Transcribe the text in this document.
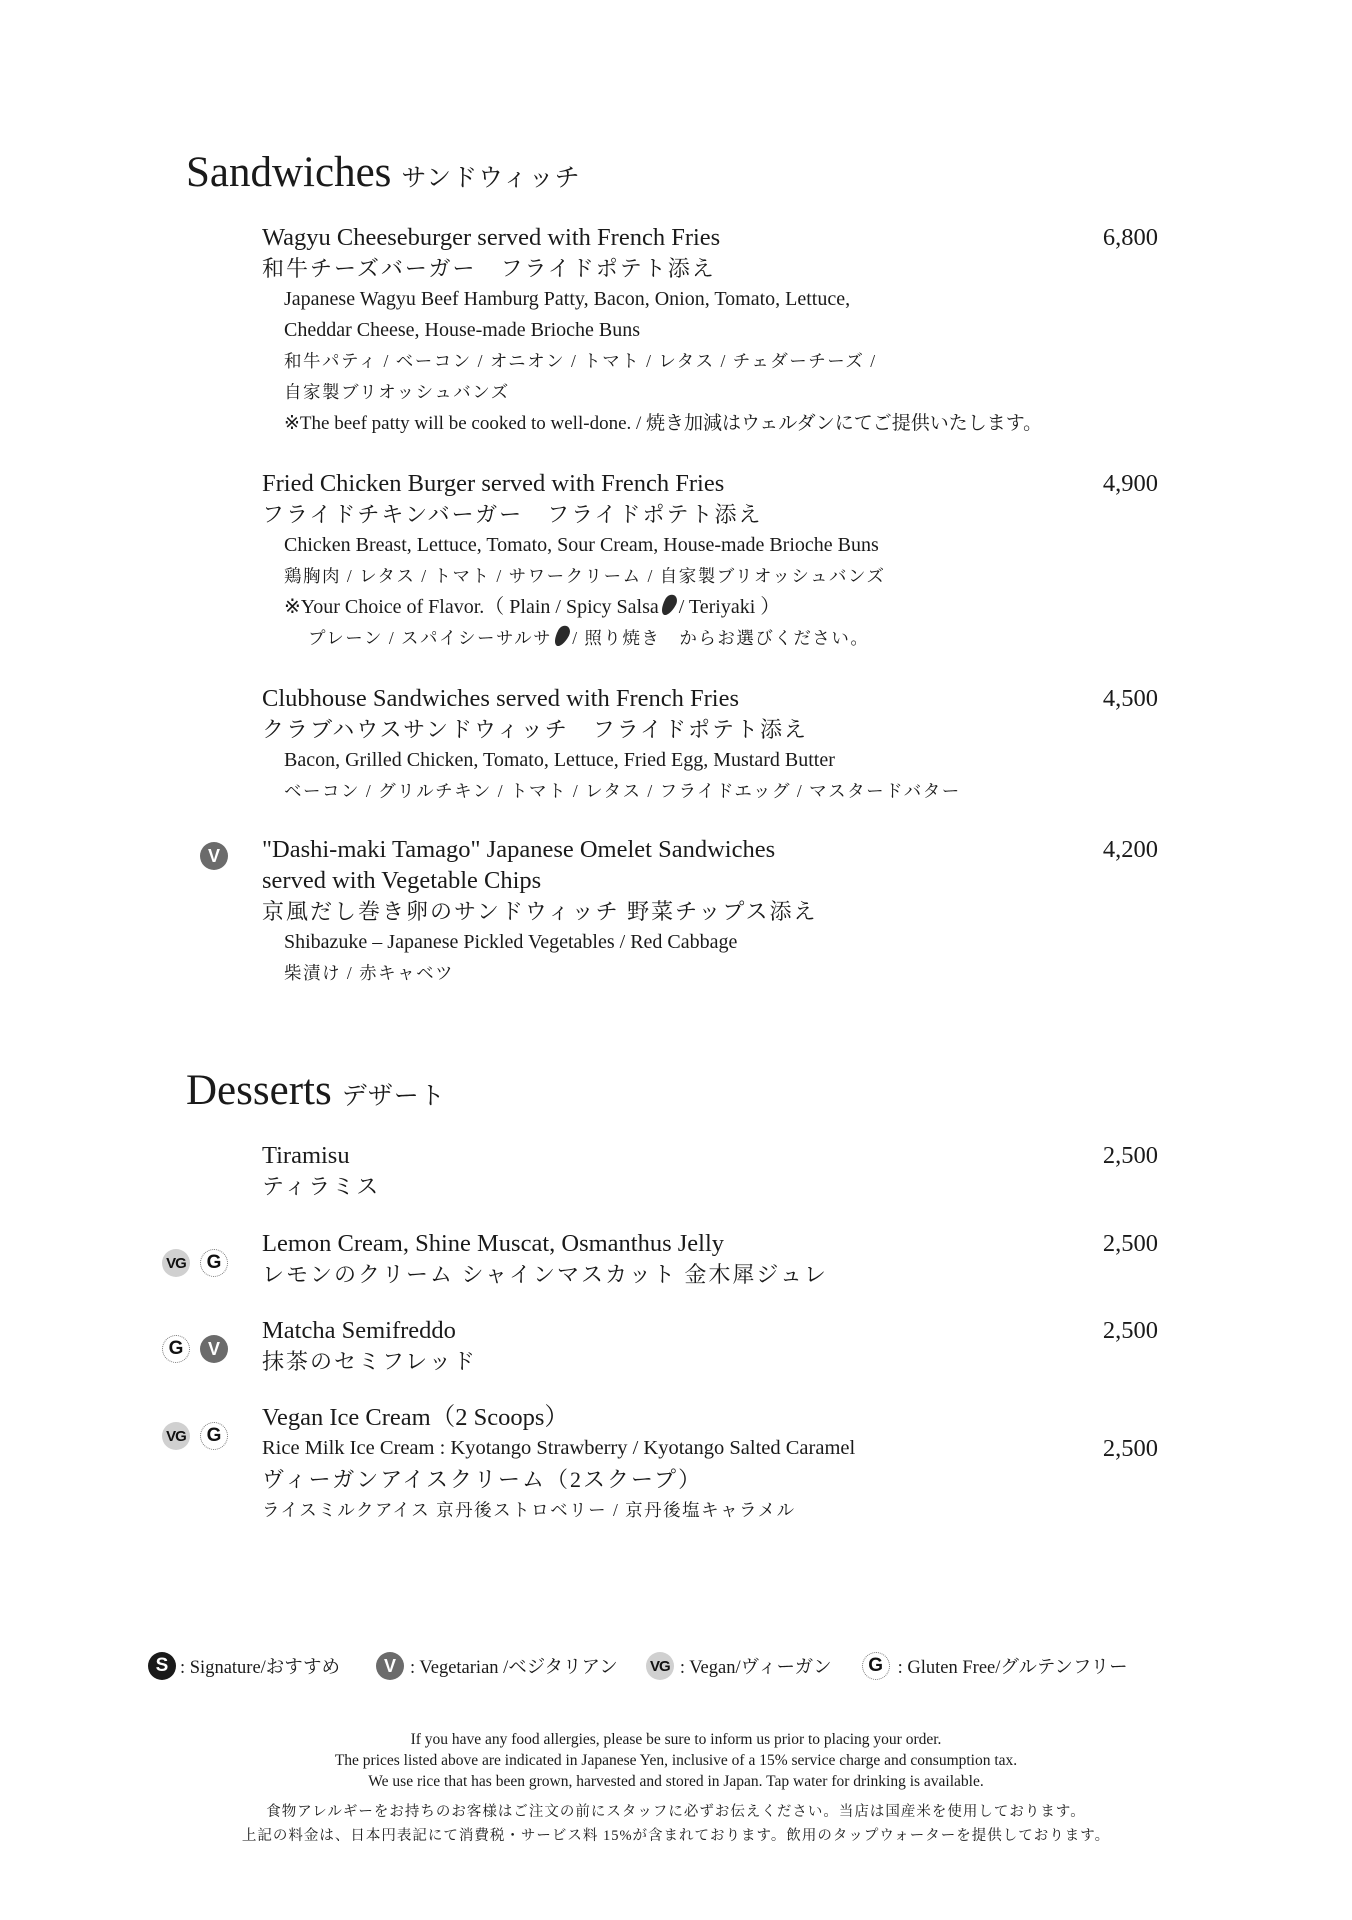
Sandwiches サンドウィッチ
Wagyu Cheeseburger served with French Fries
和牛チーズバーガー　フライドポテト添え
Japanese Wagyu Beef Hamburg Patty, Bacon, Onion, Tomato, Lettuce,
Cheddar Cheese, House-made Brioche Buns
和牛パティ / ベーコン / オニオン / トマト / レタス / チェダーチーズ /
自家製ブリオッシュバンズ
※The beef patty will be cooked to well-done. / 焼き加減はウェルダンにてご提供いたします。
6,800
Fried Chicken Burger served with French Fries
フライドチキンバーガー　フライドポテト添え
Chicken Breast, Lettuce, Tomato, Sour Cream, House-made Brioche Buns
鶏胸肉 / レタス / トマト / サワークリーム / 自家製ブリオッシュバンズ
※Your Choice of Flavor.（ Plain / Spicy Salsa / Teriyaki ）
プレーン / スパイシーサルサ / 照り焼き　からお選びください。
4,900
Clubhouse Sandwiches served with French Fries
クラブハウスサンドウィッチ　フライドポテト添え
Bacon, Grilled Chicken, Tomato, Lettuce, Fried Egg, Mustard Butter
ベーコン / グリルチキン / トマト / レタス / フライドエッグ / マスタードバター
4,500
V	"Dashi-maki Tamago" Japanese Omelet Sandwiches
served with Vegetable Chips
京風だし巻き卵のサンドウィッチ 野菜チップス添え
Shibazuke – Japanese Pickled Vegetables / Red Cabbage
柴漬け / 赤キャベツ
4,200
Desserts デザート
Tiramisu
ティラミス
2,500
VG	G
Lemon Cream, Shine Muscat, Osmanthus Jelly
レモンのクリーム シャインマスカット 金木犀ジュレ
2,500
G	V
Matcha Semifreddo
抹茶のセミフレッド
2,500
VG	G
Vegan Ice Cream（2 Scoops）
Rice Milk Ice Cream : Kyotango Strawberry / Kyotango Salted Caramel
ヴィーガンアイスクリーム（2スクープ）
ライスミルクアイス 京丹後ストロベリー / 京丹後塩キャラメル
2,500
S : Signature/おすすめ	V : Vegetarian /ベジタリアン VG : Vegan/ヴィーガン	G : Gluten Free/グルテンフリー
If you have any food allergies, please be sure to inform us prior to placing your order.
The prices listed above are indicated in Japanese Yen, inclusive of a 15% service charge and consumption tax.
We use rice that has been grown, harvested and stored in Japan. Tap water for drinking is available.
食物アレルギーをお持ちのお客様はご注文の前にスタッフに必ずお伝えください。当店は国産米を使用しております。
上記の料金は、日本円表記にて消費税・サービス料 15%が含まれております。飲用のタップウォーターを提供しております。
